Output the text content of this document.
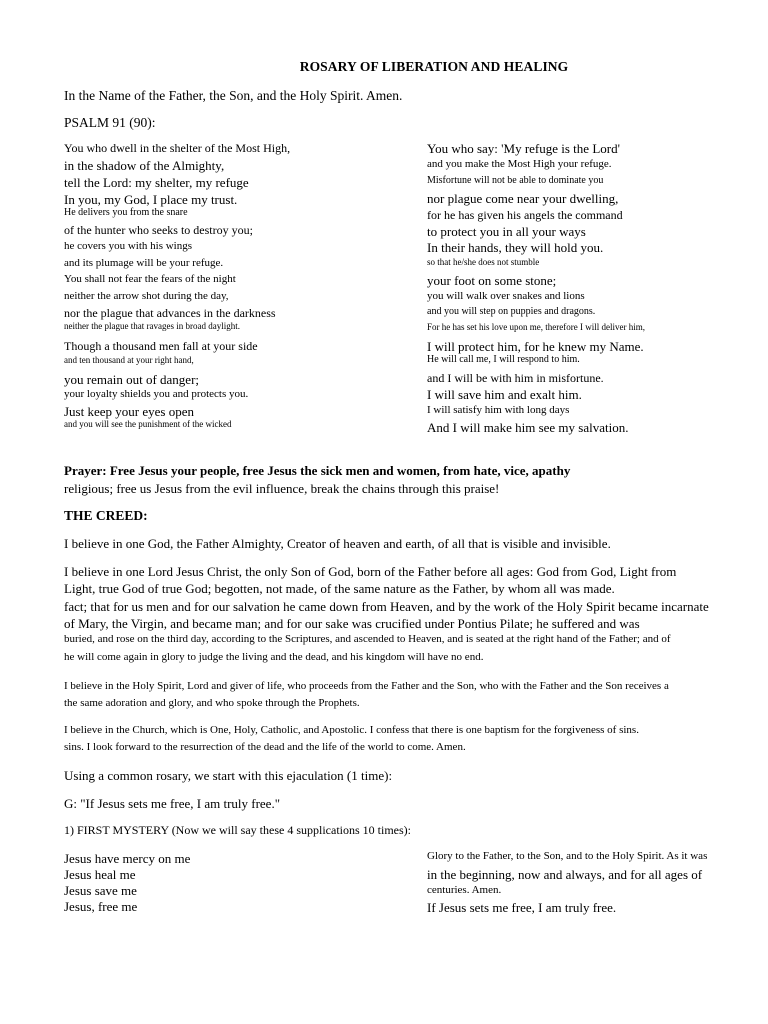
ROSARY OF LIBERATION AND HEALING
In the Name of the Father, the Son, and the Holy Spirit. Amen.
PSALM 91 (90):
You who dwell in the shelter of the Most High,
in the shadow of the Almighty,
tell the Lord: my shelter, my refuge
In you, my God, I place my trust.
He delivers you from the snare
of the hunter who seeks to destroy you;
he covers you with his wings
and its plumage will be your refuge.
You shall not fear the fears of the night
neither the arrow shot during the day,
nor the plague that advances in the darkness
neither the plague that ravages in broad daylight.
Though a thousand men fall at your side
and ten thousand at your right hand,
you remain out of danger;
your loyalty shields you and protects you.
Just keep your eyes open
and you will see the punishment of the wicked
You who say: 'My refuge is the Lord'
and you make the Most High your refuge.
Misfortune will not be able to dominate you
nor plague come near your dwelling,
for he has given his angels the command
to protect you in all your ways
In their hands, they will hold you.
so that he/she does not stumble
your foot on some stone;
you will walk over snakes and lions
and you will step on puppies and dragons.
For he has set his love upon me, therefore I will deliver him,
I will protect him, for he knew my Name.
He will call me, I will respond to him.
and I will be with him in misfortune.
I will save him and exalt him.
I will satisfy him with long days
And I will make him see my salvation.
Prayer: Free Jesus your people, free Jesus the sick men and women, from hate, vice, apathy
religious; free us Jesus from the evil influence, break the chains through this praise!
THE CREED:
I believe in one God, the Father Almighty, Creator of heaven and earth, of all that is visible and invisible.
I believe in one Lord Jesus Christ, the only Son of God, born of the Father before all ages: God from God, Light from
Light, true God of true God; begotten, not made, of the same nature as the Father, by whom all was made.
fact; that for us men and for our salvation he came down from Heaven, and by the work of the Holy Spirit became incarnate
of Mary, the Virgin, and became man; and for our sake was crucified under Pontius Pilate; he suffered and was
buried, and rose on the third day, according to the Scriptures, and ascended to Heaven, and is seated at the right hand of the Father; and of
he will come again in glory to judge the living and the dead, and his kingdom will have no end.
I believe in the Holy Spirit, Lord and giver of life, who proceeds from the Father and the Son, who with the Father and the Son receives a
the same adoration and glory, and who spoke through the Prophets.
I believe in the Church, which is One, Holy, Catholic, and Apostolic. I confess that there is one baptism for the forgiveness of sins.
sins. I look forward to the resurrection of the dead and the life of the world to come. Amen.
Using a common rosary, we start with this ejaculation (1 time):
G: "If Jesus sets me free, I am truly free."
1) FIRST MYSTERY (Now we will say these 4 supplications 10 times):
Jesus have mercy on me
Jesus heal me
Jesus save me
Jesus, free me
Glory to the Father, to the Son, and to the Holy Spirit. As it was
in the beginning, now and always, and for all ages of
centuries. Amen.
If Jesus sets me free, I am truly free.
